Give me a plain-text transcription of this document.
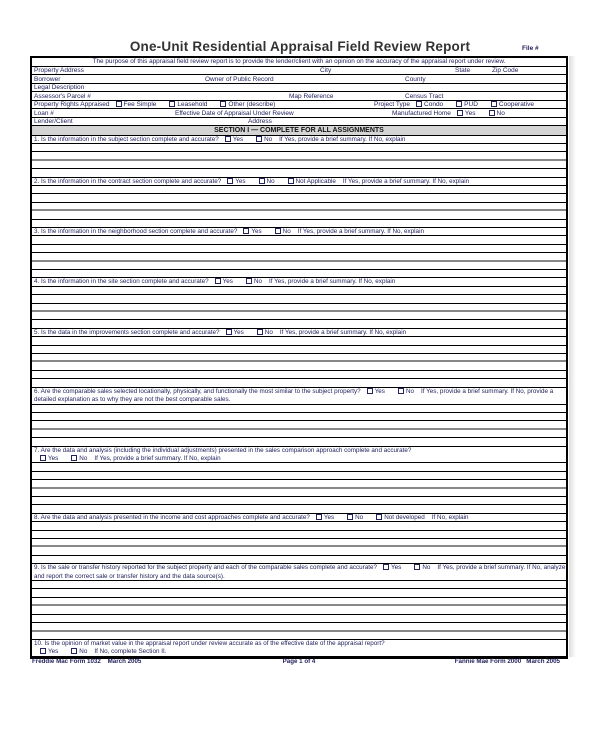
One-Unit Residential Appraisal Field Review Report	File #
The purpose of this appraisal field review report is to provide the lender/client with an opinion on the accuracy of the appraisal report under review.
Property Address	City	State	Zip Code
Borrower	Owner of Public Record	County
Legal Description
Assessor's Parcel #	Map Reference	Census Tract
Property Rights Appraised Fee Simple	Leasehold	Other (describe)	Project Type Condo	PUD	Cooperative
Loan #	Effective Date of Appraisal Under Review	Manufactured Home Yes	No
Lender/Client	Address
SECTION I — COMPLETE FOR ALL ASSIGNMENTS
1. Is the information in the subject section complete and accurate? Yes	No If Yes, provide a brief summary. If No, explain
2. Is the information in the contract section complete and accurate? Yes	No	Not Applicable If Yes, provide a brief summary. If No, explain
3. Is the information in the neighborhood section complete and accurate? Yes	No If Yes, provide a brief summary. If No, explain
4. Is the information in the site section complete and accurate? Yes	No If Yes, provide a brief summary. If No, explain
5. Is the data in the improvements section complete and accurate? Yes	No If Yes, provide a brief summary. If No, explain
6. Are the comparable sales selected locationally, physically, and functionally the most similar to the subject property? Yes	No If Yes, provide a brief summary. If No, provide a detailed explanation as to why they are not the best comparable sales.
7. Are the data and analysis (including the individual adjustments) presented in the sales comparison approach complete and accurate?
Yes	No If Yes, provide a brief summary. If No, explain
8. Are the data and analysis presented in the income and cost approaches complete and accurate? Yes	No	Not developed If No, explain
9. Is the sale or transfer history reported for the subject property and each of the comparable sales complete and accurate? Yes	No If Yes, provide a brief summary. If No, analyze and report the correct sale or transfer history and the data source(s).
10. Is the opinion of market value in the appraisal report under review accurate as of the effective date of the appraisal report?
Yes	No If No, complete Section II.
Freddie Mac Form 1032    March 2005	Page 1 of 4	Fannie Mae Form 2000   March 2005
